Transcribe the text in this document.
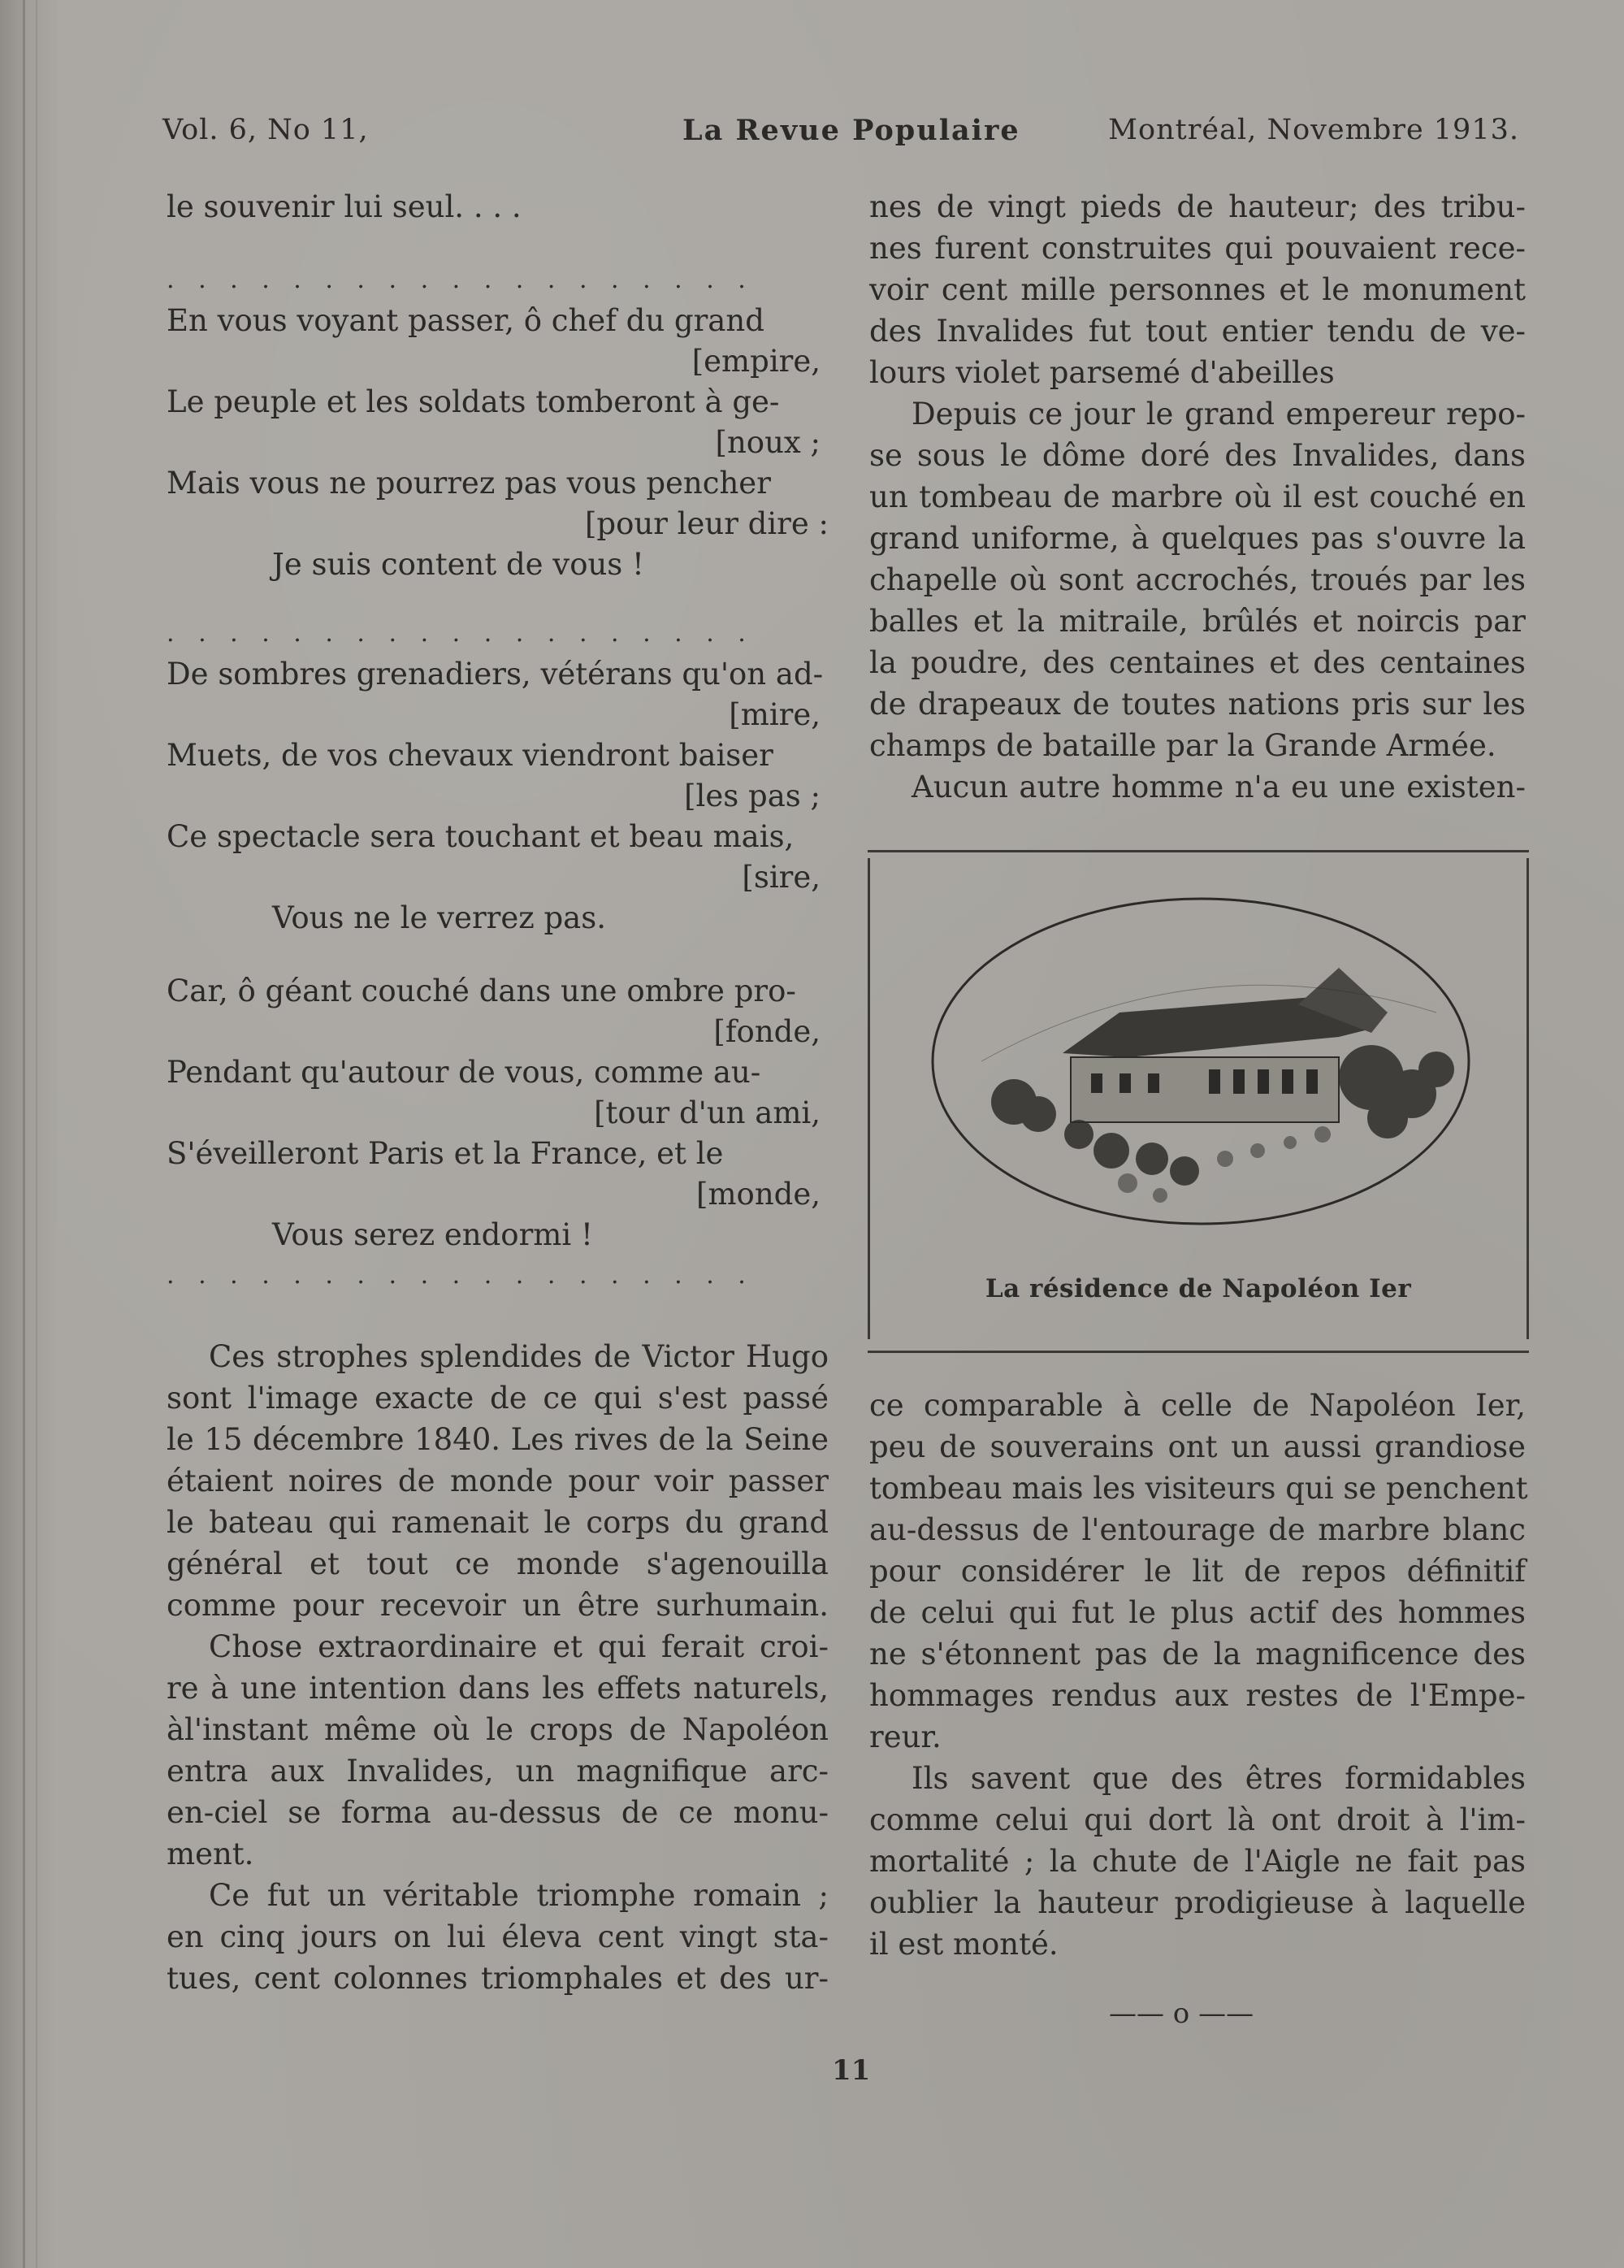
Vol. 6, No 11,	La Revue Populaire	Montréal, Novembre 1913.
le souvenir lui seul. . . .
. . . . . . . . . . . . . . . . . . .
En vous voyant passer, ô chef du grand
[empire,
Le peuple et les soldats tomberont à ge-
[noux ;
Mais vous ne pourrez pas vous pencher
[pour leur dire :
Je suis content de vous !
. . . . . . . . . . . . . . . . . . .
De sombres grenadiers, vétérans qu'on ad-
[mire,
Muets, de vos chevaux viendront baiser
[les pas ;
Ce spectacle sera touchant et beau mais,
[sire,
Vous ne le verrez pas.
Car, ô géant couché dans une ombre pro-
[fonde,
Pendant qu'autour de vous, comme au-
[tour d'un ami,
S'éveilleront Paris et la France, et le
[monde,
Vous serez endormi !
. . . . . . . . . . . . . . . . . . .
Ces strophes splendides de Victor Hugo
sont l'image exacte de ce qui s'est passé
le 15 décembre 1840. Les rives de la Seine
étaient noires de monde pour voir passer
le bateau qui ramenait le corps du grand
général et tout ce monde s'agenouilla
comme pour recevoir un être surhumain.
Chose extraordinaire et qui ferait croi-
re à une intention dans les effets naturels,
àl'instant même où le crops de Napoléon
entra aux Invalides, un magnifique arc-
en-ciel se forma au-dessus de ce monu-
ment.
Ce fut un véritable triomphe romain ;
en cinq jours on lui éleva cent vingt sta-
tues, cent colonnes triomphales et des ur-
nes de vingt pieds de hauteur; des tribu-
nes furent construites qui pouvaient rece-
voir cent mille personnes et le monument
des Invalides fut tout entier tendu de ve-
lours violet parsemé d'abeilles
Depuis ce jour le grand empereur repo-
se sous le dôme doré des Invalides, dans
un tombeau de marbre où il est couché en
grand uniforme, à quelques pas s'ouvre la
chapelle où sont accrochés, troués par les
balles et la mitraile, brûlés et noircis par
la poudre, des centaines et des centaines
de drapeaux de toutes nations pris sur les
champs de bataille par la Grande Armée.
Aucun autre homme n'a eu une existen-
La résidence de Napoléon Ier
ce comparable à celle de Napoléon Ier,
peu de souverains ont un aussi grandiose
tombeau mais les visiteurs qui se penchent
au-dessus de l'entourage de marbre blanc
pour considérer le lit de repos définitif
de celui qui fut le plus actif des hommes
ne s'étonnent pas de la magnificence des
hommages rendus aux restes de l'Empe-
reur.
Ils savent que des êtres formidables
comme celui qui dort là ont droit à l'im-
mortalité ; la chute de l'Aigle ne fait pas
oublier la hauteur prodigieuse à laquelle
il est monté.
—— o ——
11
